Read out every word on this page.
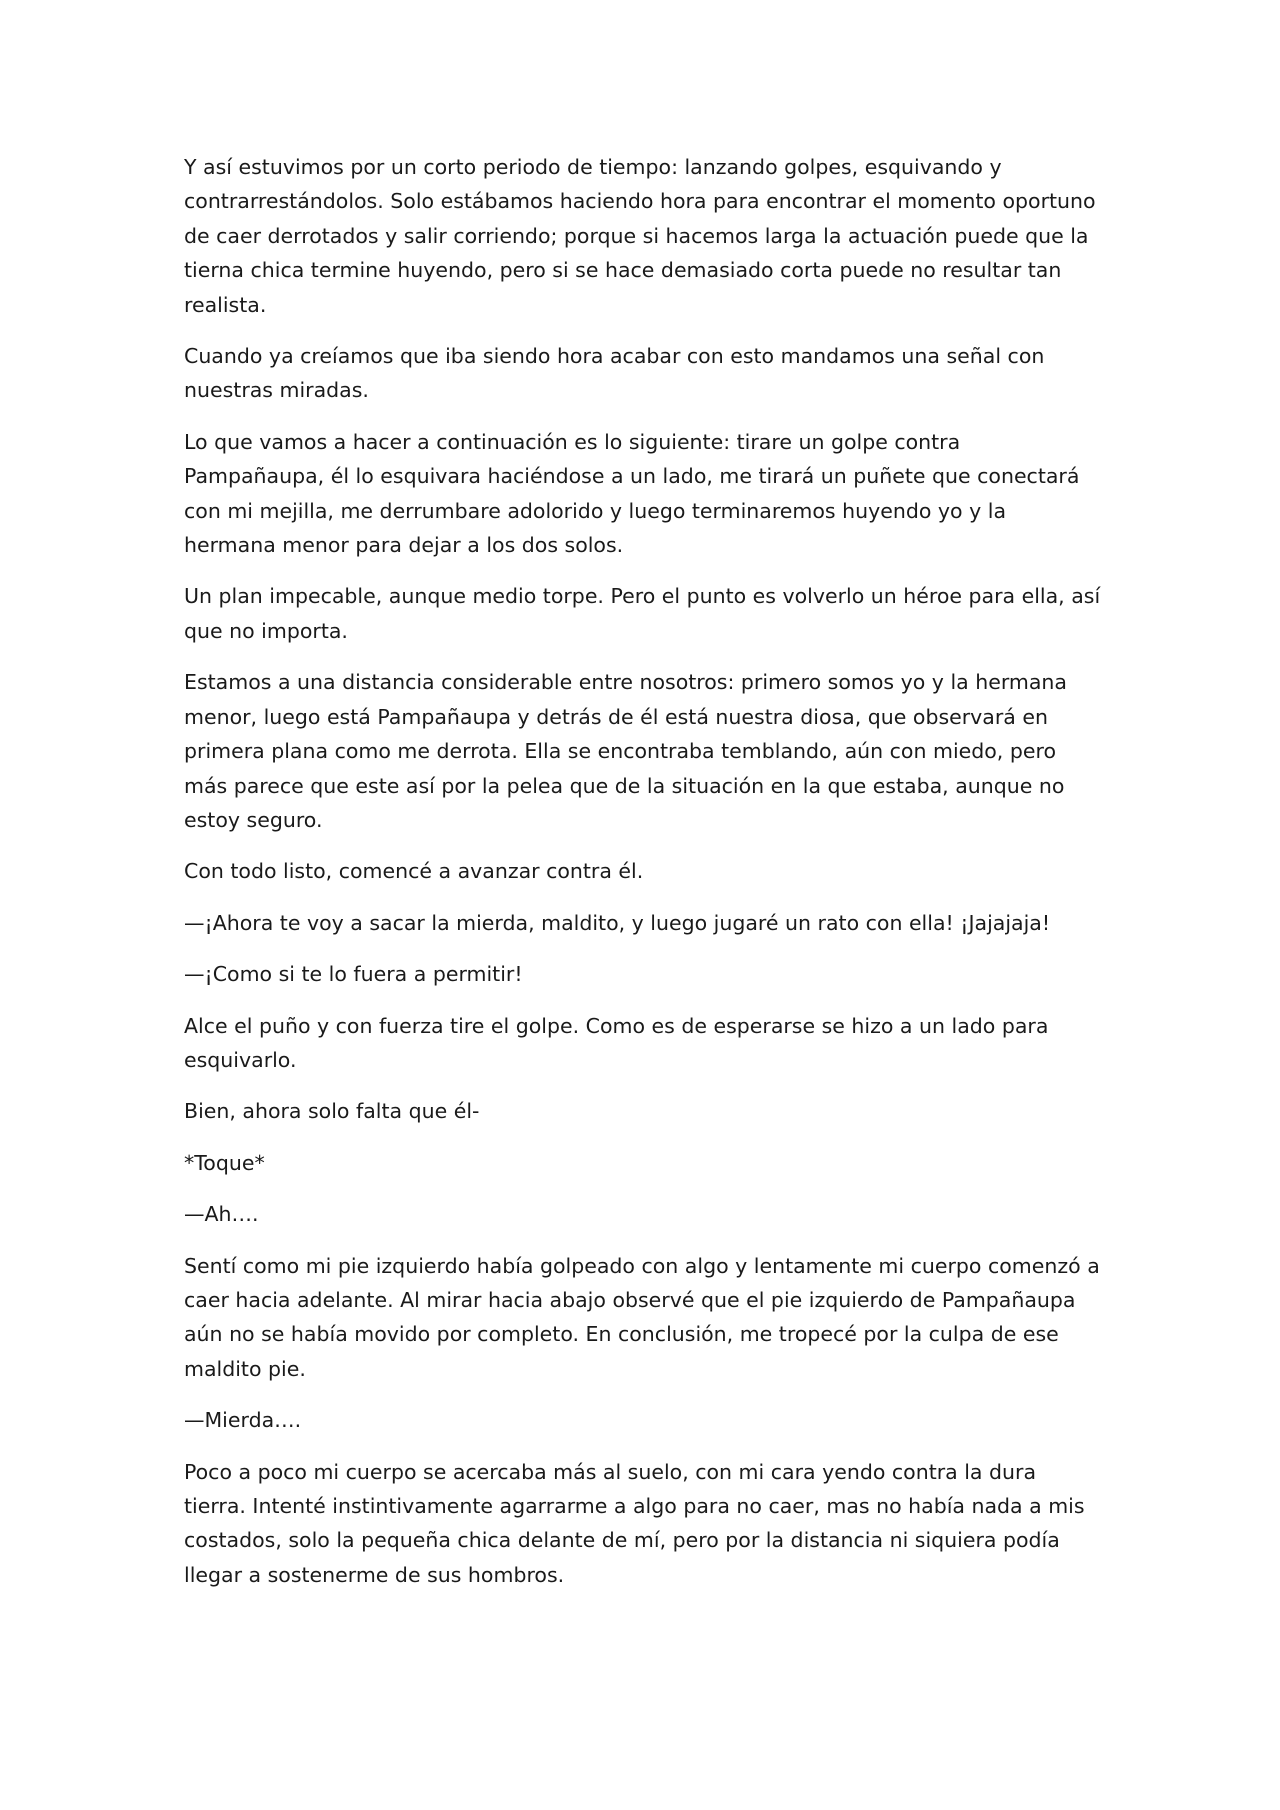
Y así estuvimos por un corto periodo de tiempo: lanzando golpes, esquivando y contrarrestándolos. Solo estábamos haciendo hora para encontrar el momento oportuno de caer derrotados y salir corriendo; porque si hacemos larga la actuación puede que la tierna chica termine huyendo, pero si se hace demasiado corta puede no resultar tan realista.

Cuando ya creíamos que iba siendo hora acabar con esto mandamos una señal con nuestras miradas.

Lo que vamos a hacer a continuación es lo siguiente: tirare un golpe contra Pampañaupa, él lo esquivara haciéndose a un lado, me tirará un puñete que conectará con mi mejilla, me derrumbare adolorido y luego terminaremos huyendo yo y la hermana menor para dejar a los dos solos.

Un plan impecable, aunque medio torpe. Pero el punto es volverlo un héroe para ella, así que no importa.

Estamos a una distancia considerable entre nosotros: primero somos yo y la hermana menor, luego está Pampañaupa y detrás de él está nuestra diosa, que observará en primera plana como me derrota. Ella se encontraba temblando, aún con miedo, pero más parece que este así por la pelea que de la situación en la que estaba, aunque no estoy seguro.

Con todo listo, comencé a avanzar contra él.

—¡Ahora te voy a sacar la mierda, maldito, y luego jugaré un rato con ella! ¡Jajajaja!

—¡Como si te lo fuera a permitir!

Alce el puño y con fuerza tire el golpe. Como es de esperarse se hizo a un lado para esquivarlo.

Bien, ahora solo falta que él-

*Toque*

—Ah….

Sentí como mi pie izquierdo había golpeado con algo y lentamente mi cuerpo comenzó a caer hacia adelante. Al mirar hacia abajo observé que el pie izquierdo de Pampañaupa aún no se había movido por completo. En conclusión, me tropecé por la culpa de ese maldito pie.

—Mierda….

Poco a poco mi cuerpo se acercaba más al suelo, con mi cara yendo contra la dura tierra. Intenté instintivamente agarrarme a algo para no caer, mas no había nada a mis costados, solo la pequeña chica delante de mí, pero por la distancia ni siquiera podía llegar a sostenerme de sus hombros.
